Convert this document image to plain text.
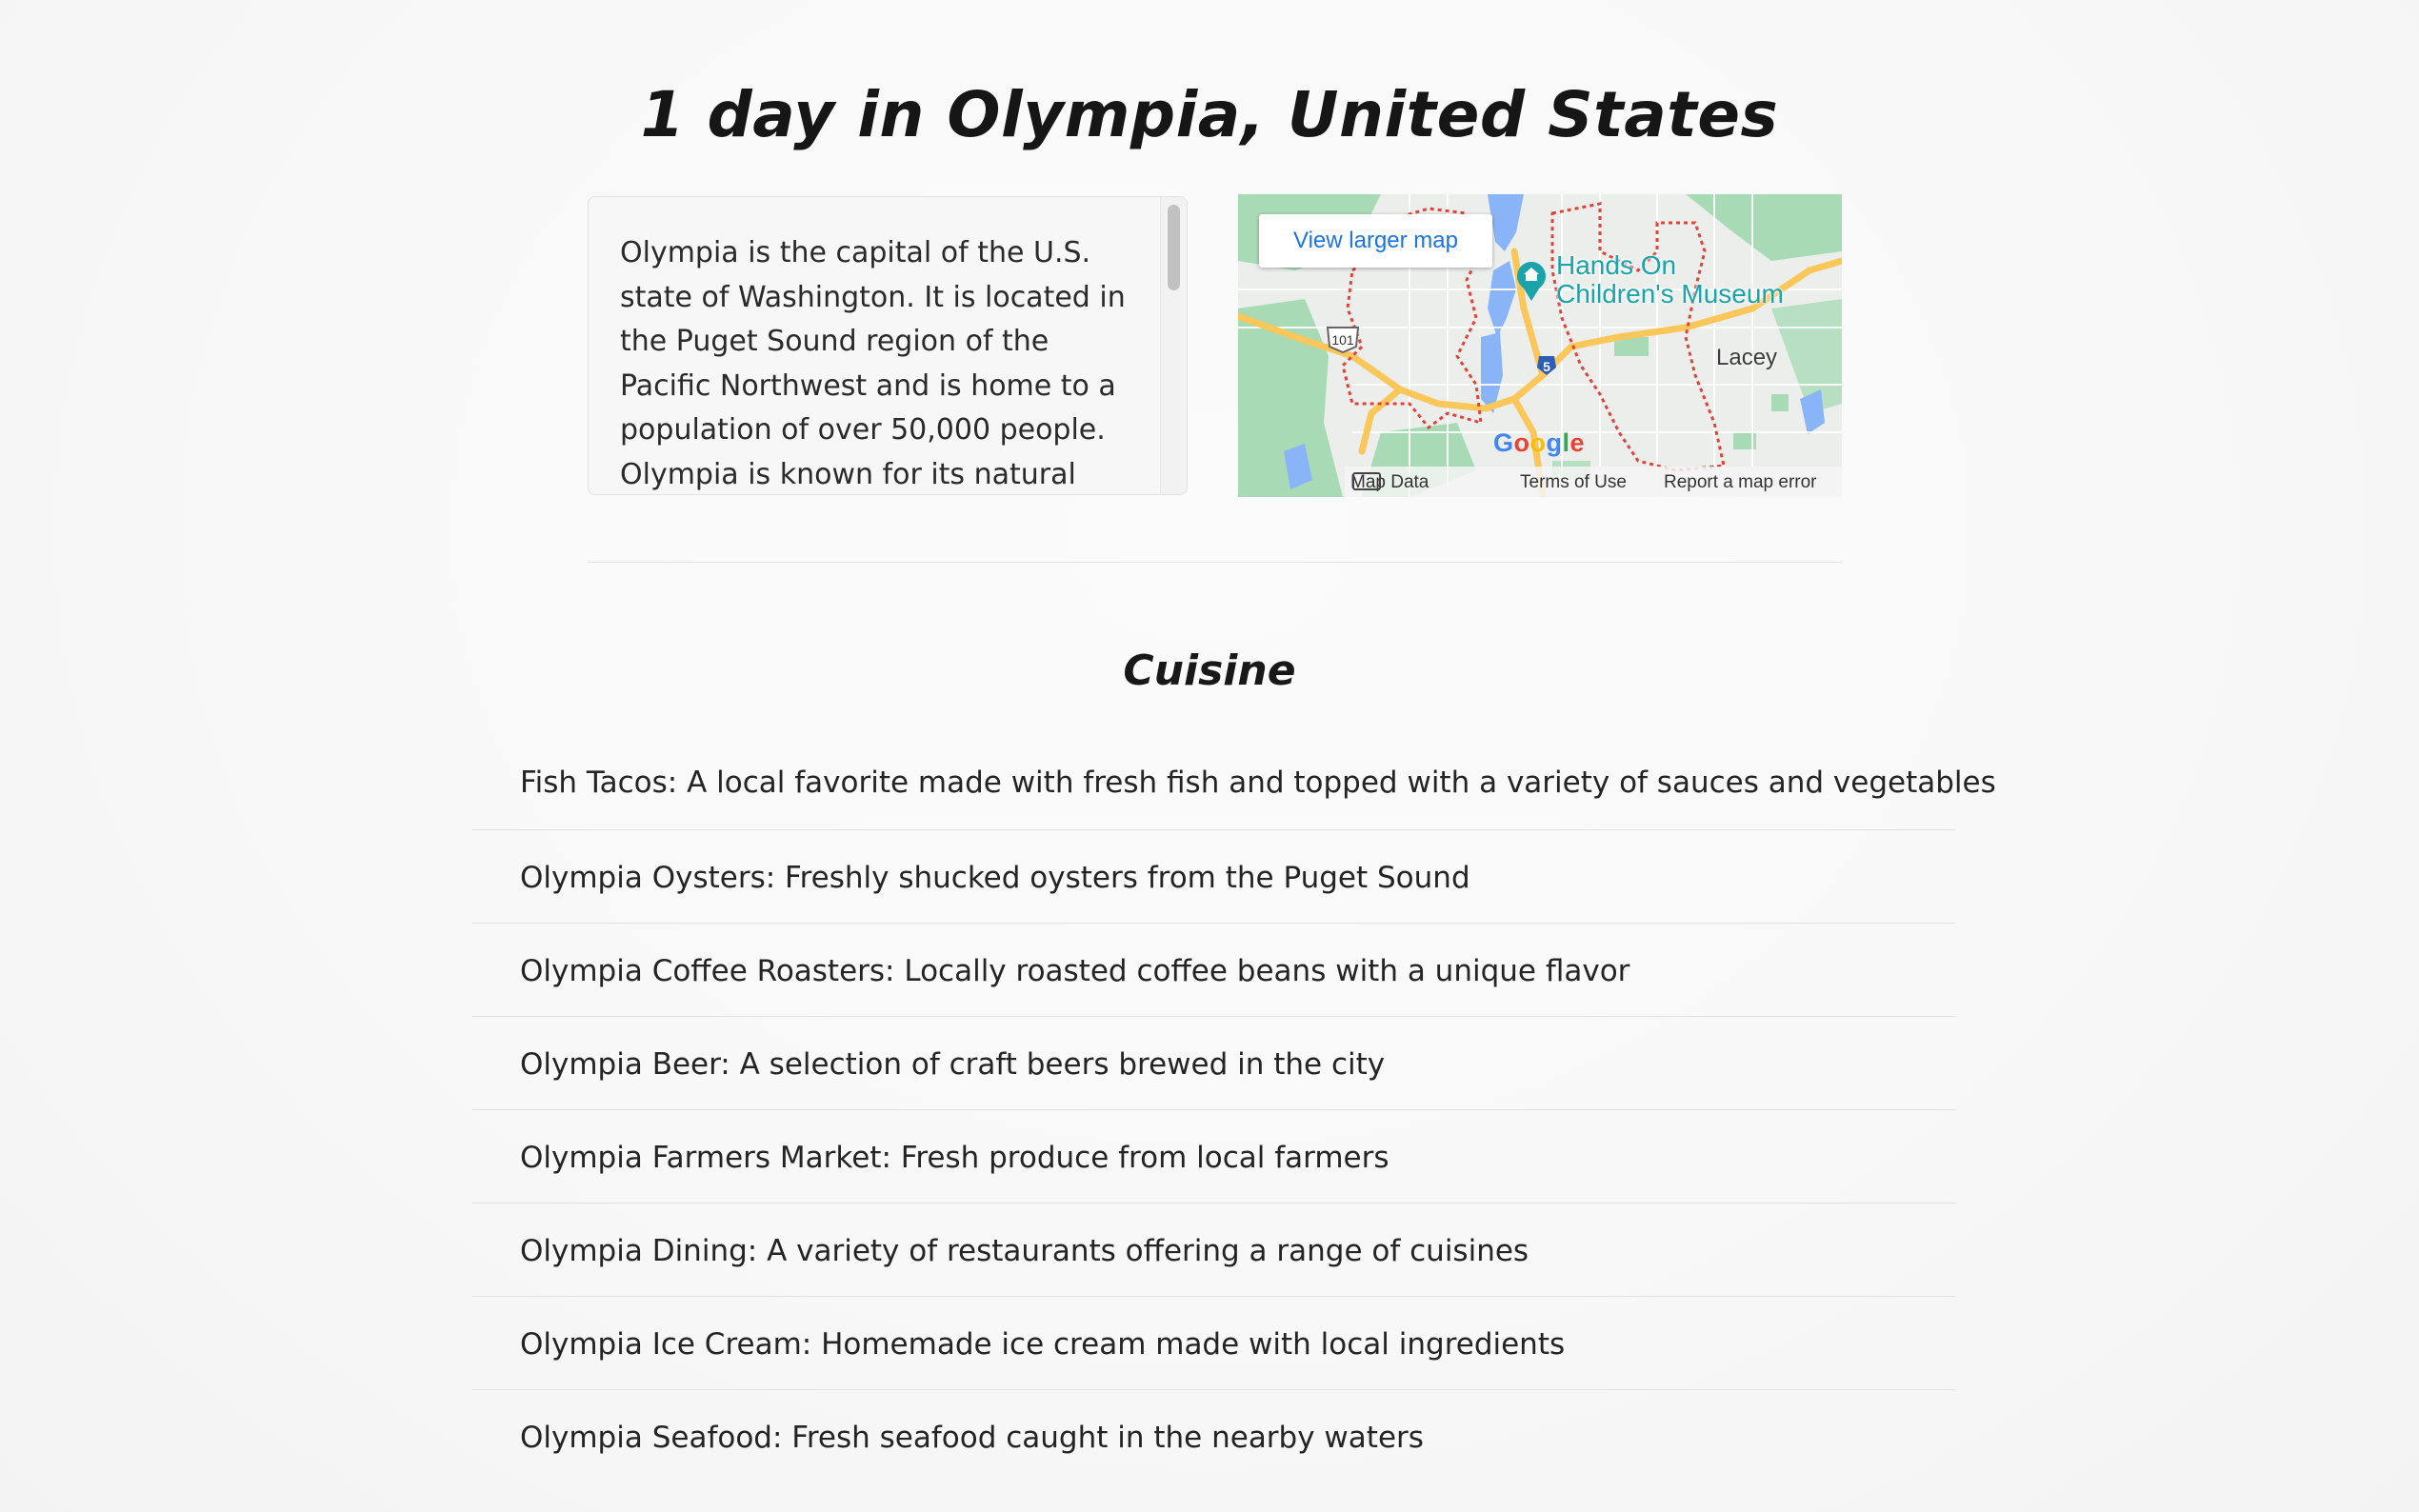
1 day in Olympia, United States
Olympia is the capital of the U.S. state of Washington. It is located in the Puget Sound region of the Pacific Northwest and is home to a population of over 50,000 people. Olympia is known for its natural
101
5
View larger map
Hands On
Children's Museum
Lacey
Google
Map Data	Terms of Use Report a map error
Cuisine
Fish Tacos: A local favorite made with fresh fish and topped with a variety of sauces and vegetables
Olympia Oysters: Freshly shucked oysters from the Puget Sound
Olympia Coffee Roasters: Locally roasted coffee beans with a unique flavor
Olympia Beer: A selection of craft beers brewed in the city
Olympia Farmers Market: Fresh produce from local farmers
Olympia Dining: A variety of restaurants offering a range of cuisines
Olympia Ice Cream: Homemade ice cream made with local ingredients
Olympia Seafood: Fresh seafood caught in the nearby waters
